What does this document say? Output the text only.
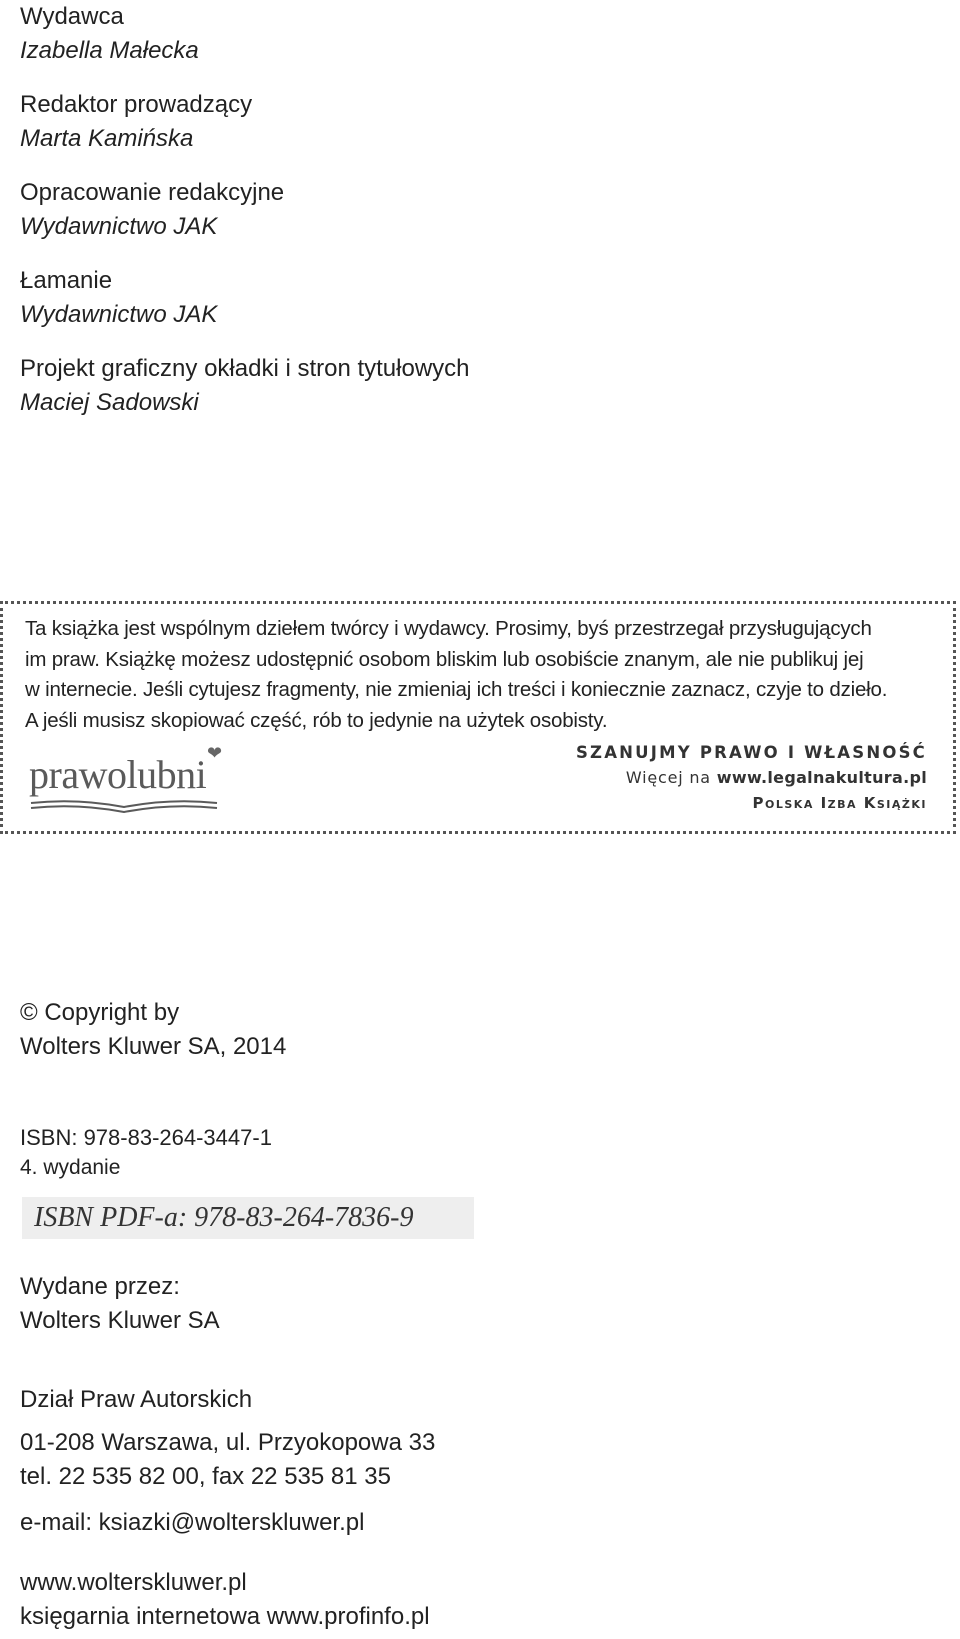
Wydawca
Izabella Małecka
Redaktor prowadzący
Marta Kamińska
Opracowanie redakcyjne
Wydawnictwo JAK
Łamanie
Wydawnictwo JAK
Projekt graficzny okładki i stron tytułowych
Maciej Sadowski
Ta książka jest wspólnym dziełem twórcy i wydawcy. Prosimy, byś przestrzegał przysługujących
im praw. Książkę możesz udostępnić osobom bliskim lub osobiście znanym, ale nie publikuj jej
w internecie. Jeśli cytujesz fragmenty, nie zmieniaj ich treści i koniecznie zaznacz, czyje to dzieło.
A jeśli musisz skopiować część, rób to jedynie na użytek osobisty.
prawolubni ❤	SZANUJMY PRAWO I WŁASNOŚĆ
Więcej na www.legalnakultura.pl
Polska Izba Książki
© Copyright by
Wolters Kluwer SA, 2014
ISBN: 978-83-264-3447-1
4. wydanie
ISBN PDF-a: 978-83-264-7836-9
Wydane przez:
Wolters Kluwer SA
Dział Praw Autorskich
01-208 Warszawa, ul. Przyokopowa 33
tel. 22 535 82 00, fax 22 535 81 35
e-mail: ksiazki@wolterskluwer.pl
www.wolterskluwer.pl
księgarnia internetowa www.profinfo.pl
